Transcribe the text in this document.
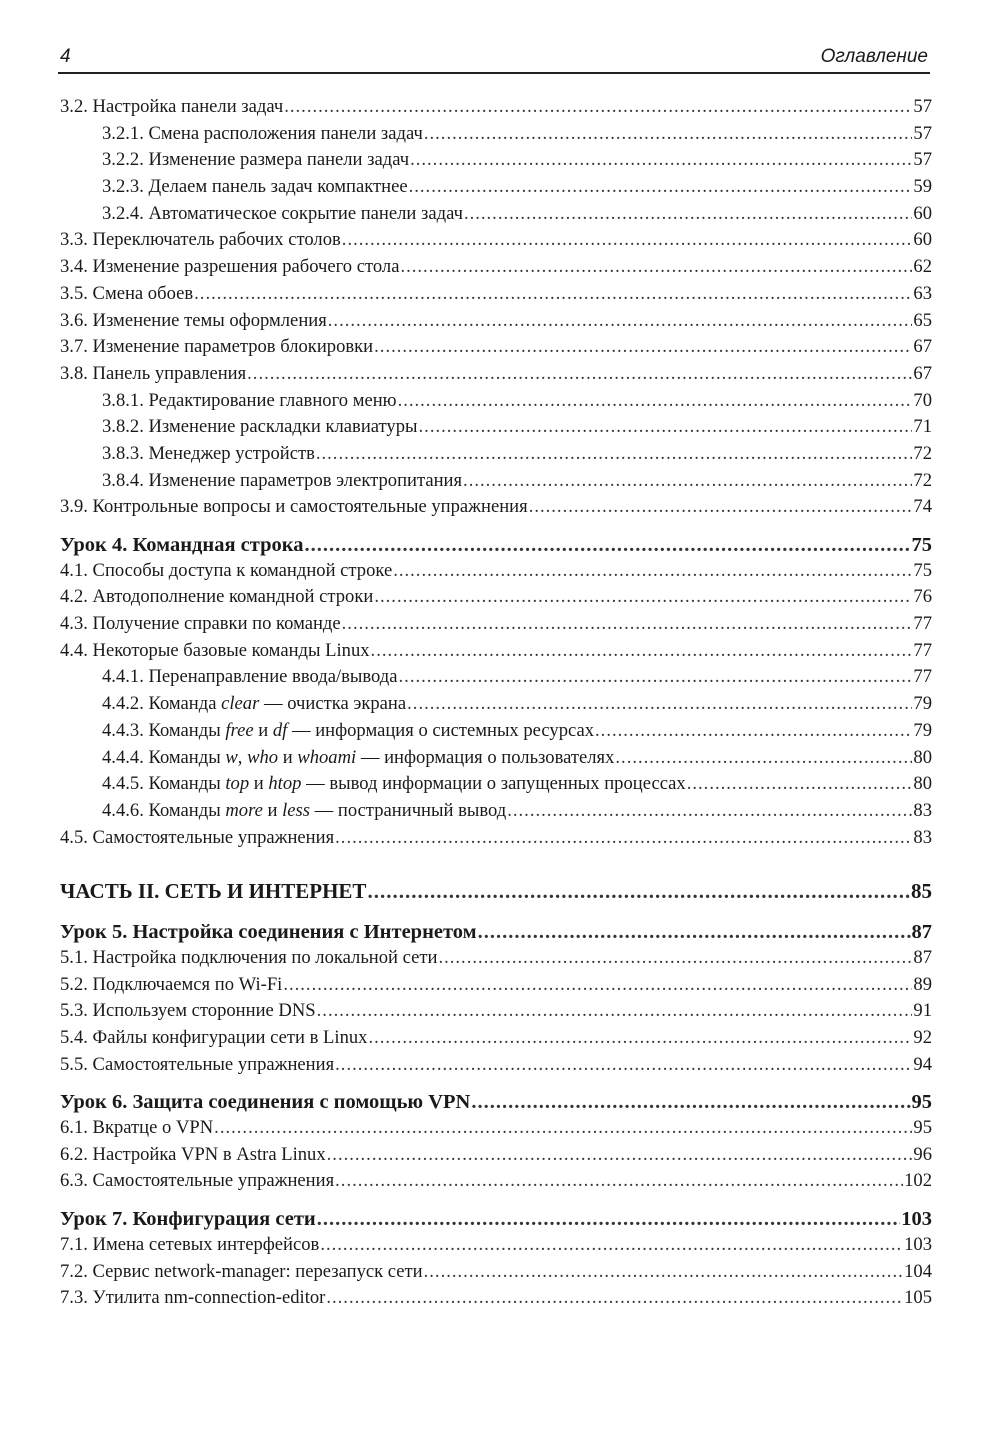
4	Оглавление
3.2. Настройка панели задач .....	57
3.2.1. Смена расположения панели задач .....	57
3.2.2. Изменение размера панели задач .....	57
3.2.3. Делаем панель задач компактнее .....	59
3.2.4. Автоматическое сокрытие панели задач .....	60
3.3. Переключатель рабочих столов .....	60
3.4. Изменение разрешения рабочего стола .....	62
3.5. Смена обоев .....	63
3.6. Изменение темы оформления .....	65
3.7. Изменение параметров блокировки .....	67
3.8. Панель управления .....	67
3.8.1. Редактирование главного меню .....	70
3.8.2. Изменение раскладки клавиатуры .....	71
3.8.3. Менеджер устройств .....	72
3.8.4. Изменение параметров электропитания .....	72
3.9. Контрольные вопросы и самостоятельные упражнения .....	74
Урок 4. Командная строка .....	75
4.1. Способы доступа к командной строке .....	75
4.2. Автодополнение командной строки .....	76
4.3. Получение справки по команде .....	77
4.4. Некоторые базовые команды Linux .....	77
4.4.1. Перенаправление ввода/вывода .....	77
4.4.2. Команда clear — очистка экрана .....	79
4.4.3. Команды free и df — информация о системных ресурсах .....	79
4.4.4. Команды w, who и whoami — информация о пользователях .....	80
4.4.5. Команды top и htop — вывод информации о запущенных процессах .....	80
4.4.6. Команды more и less — постраничный вывод .....	83
4.5. Самостоятельные упражнения .....	83
ЧАСТЬ II. СЕТЬ И ИНТЕРНЕТ .....	85
Урок 5. Настройка соединения с Интернетом .....	87
5.1. Настройка подключения по локальной сети .....	87
5.2. Подключаемся по Wi-Fi .....	89
5.3. Используем сторонние DNS .....	91
5.4. Файлы конфигурации сети в Linux .....	92
5.5. Самостоятельные упражнения .....	94
Урок 6. Защита соединения с помощью VPN .....	95
6.1. Вкратце о VPN .....	95
6.2. Настройка VPN в Astra Linux .....	96
6.3. Самостоятельные упражнения .....	102
Урок 7. Конфигурация сети .....	103
7.1. Имена сетевых интерфейсов .....	103
7.2. Сервис network-manager: перезапуск сети .....	104
7.3. Утилита nm-connection-editor .....	105
